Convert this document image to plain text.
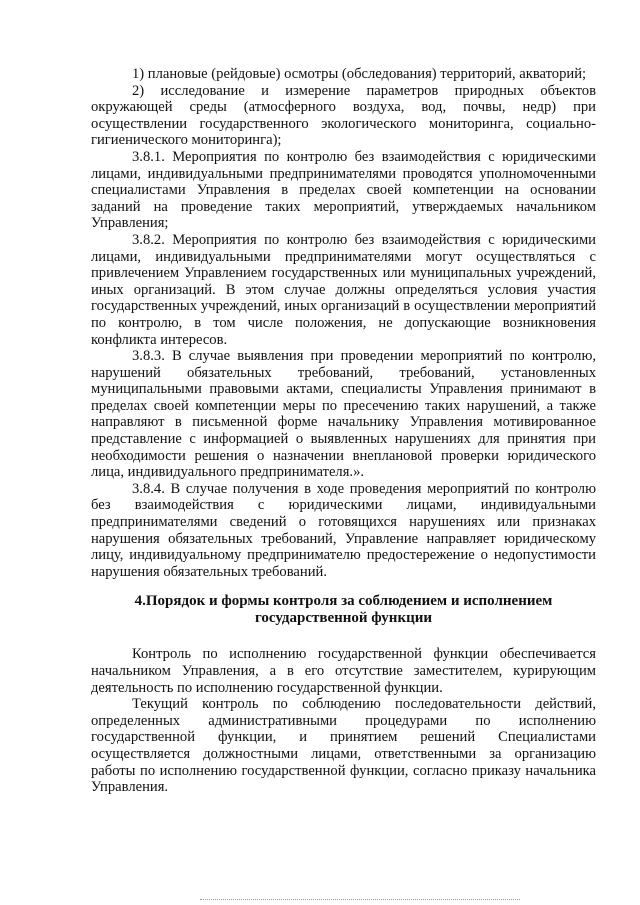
1) плановые (рейдовые) осмотры (обследования) территорий, акваторий;

2) исследование и измерение параметров природных объектов окружающей среды (атмосферного воздуха, вод, почвы, недр) при осуществлении государственного экологического мониторинга, социально-гигиенического мониторинга);

3.8.1. Мероприятия по контролю без взаимодействия с юридическими лицами, индивидуальными предпринимателями проводятся уполномоченными специалистами Управления в пределах своей компетенции на основании заданий на проведение таких мероприятий, утверждаемых начальником Управления;

3.8.2. Мероприятия по контролю без взаимодействия с юридическими лицами, индивидуальными предпринимателями могут осуществляться с привлечением Управлением государственных или муниципальных учреждений, иных организаций. В этом случае должны определяться условия участия государственных учреждений, иных организаций в осуществлении мероприятий по контролю, в том числе положения, не допускающие возникновения конфликта интересов.

3.8.3. В случае выявления при проведении мероприятий по контролю, нарушений обязательных требований, требований, установленных муниципальными правовыми актами, специалисты Управления принимают в пределах своей компетенции меры по пресечению таких нарушений, а также направляют в письменной форме начальнику Управления мотивированное представление с информацией о выявленных нарушениях для принятия при необходимости решения о назначении внеплановой проверки юридического лица, индивидуального предпринимателя.».

3.8.4. В случае получения в ходе проведения мероприятий по контролю без взаимодействия с юридическими лицами, индивидуальными предпринимателями сведений о готовящихся нарушениях или признаках нарушения обязательных требований, Управление направляет юридическому лицу, индивидуальному предпринимателю предостережение о недопустимости нарушения обязательных требований.

4.Порядок и формы контроля за соблюдением и исполнением государственной функции

Контроль по исполнению государственной функции обеспечивается начальником Управления, а в его отсутствие заместителем, курирующим деятельность по исполнению государственной функции.

Текущий контроль по соблюдению последовательности действий, определенных административными процедурами по исполнению государственной функции, и принятием решений Специалистами осуществляется должностными лицами, ответственными за организацию работы по исполнению государственной функции, согласно приказу начальника Управления.
